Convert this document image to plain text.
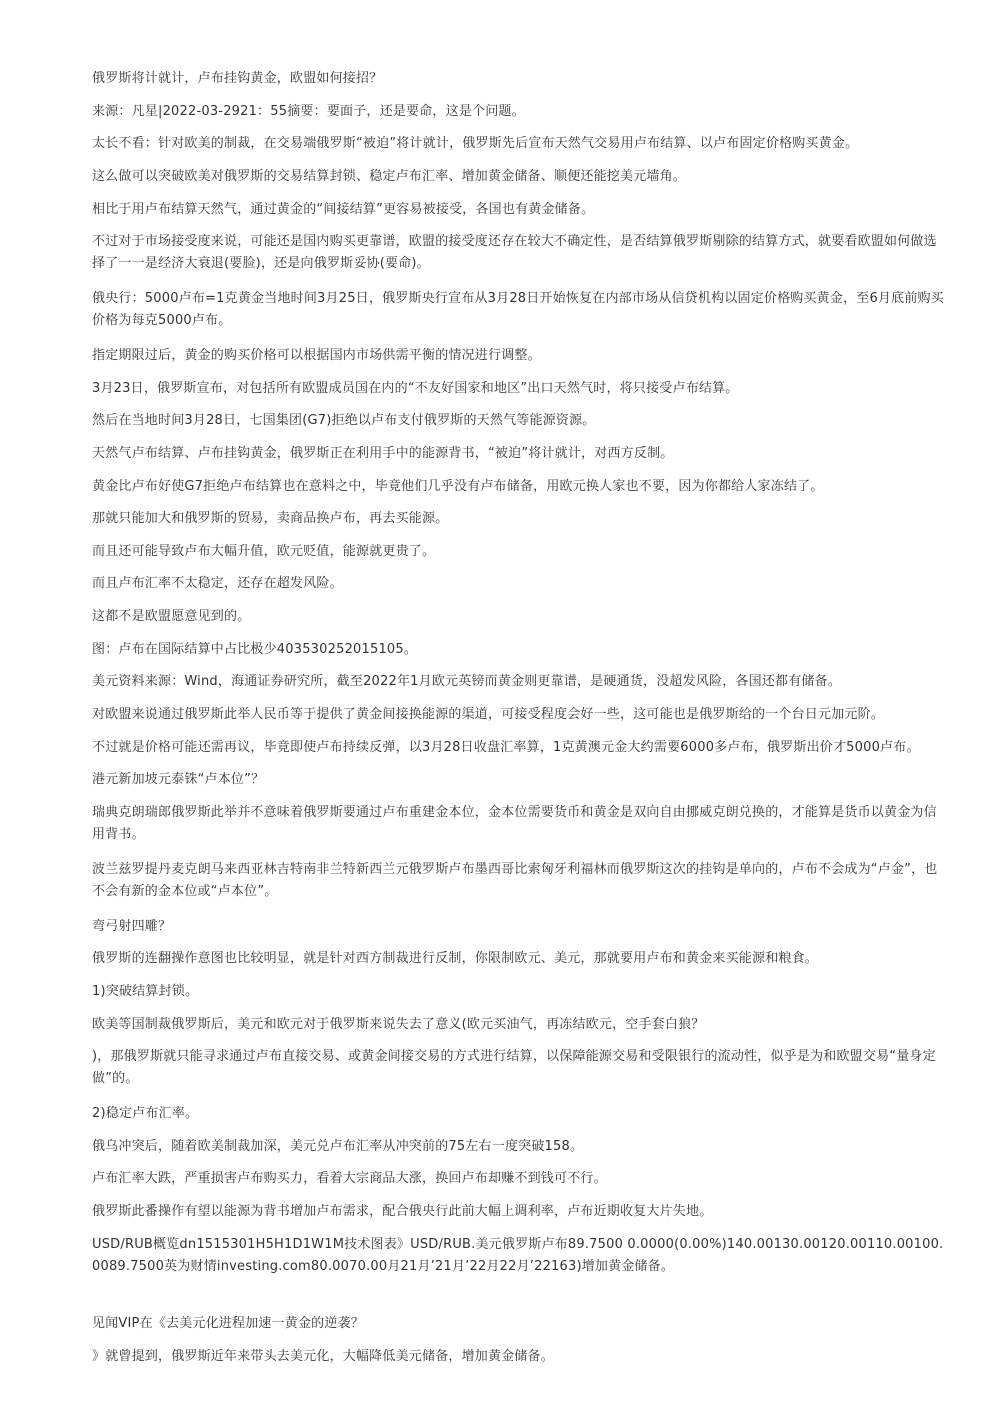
俄罗斯将计就计，卢布挂钩黄金，欧盟如何接招？

来源：凡星|2022-03-2921：55摘要：要面子，还是要命，这是个问题。

太长不看：针对欧美的制裁，在交易端俄罗斯“被迫”将计就计，俄罗斯先后宣布天然气交易用卢布结算、以卢布固定价格购买黄金。

这么做可以突破欧美对俄罗斯的交易结算封锁、稳定卢布汇率、增加黄金储备、顺便还能挖美元墙角。

相比于用卢布结算天然气，通过黄金的“间接结算”更容易被接受，各国也有黄金储备。

不过对于市场接受度来说，可能还是国内购买更靠谱，欧盟的接受度还存在较大不确定性，是否结算俄罗斯剔除的结算方式，就要看欧盟如何做选择了一一是经济大衰退(要脸)，还是向俄罗斯妥协(要命)。

俄央行：5000卢布=1克黄金当地时间3月25日，俄罗斯央行宣布从3月28日开始恢复在内部市场从信贷机构以固定价格购买黄金，至6月底前购买价格为每克5000卢布。

指定期限过后，黄金的购买价格可以根据国内市场供需平衡的情况进行调整。

3月23日，俄罗斯宣布，对包括所有欧盟成员国在内的“不友好国家和地区”出口天然气时，将只接受卢布结算。

然后在当地时间3月28日，七国集团(G7)拒绝以卢布支付俄罗斯的天然气等能源资源。

天然气卢布结算、卢布挂钩黄金，俄罗斯正在利用手中的能源背书，“被迫”将计就计，对西方反制。

黄金比卢布好使G7拒绝卢布结算也在意料之中，毕竟他们几乎没有卢布储备，用欧元换人家也不要，因为你都给人家冻结了。

那就只能加大和俄罗斯的贸易，卖商品换卢布，再去买能源。

而且还可能导致卢布大幅升值，欧元贬值，能源就更贵了。

而且卢布汇率不太稳定，还存在超发风险。

这都不是欧盟愿意见到的。

图：卢布在国际结算中占比极少403530252015105。

美元资料来源：Wind，海通证券研究所，截至2022年1月欧元英镑而黄金则更靠谱，是硬通货，没超发风险，各国还都有储备。

对欧盟来说通过俄罗斯此举人民币等于提供了黄金间接换能源的渠道，可接受程度会好一些，这可能也是俄罗斯给的一个台日元加元阶。

不过就是价格可能还需再议，毕竟即使卢布持续反弹，以3月28日收盘汇率算，1克黄澳元金大约需要6000多卢布，俄罗斯出价才5000卢布。

港元新加坡元泰铢“卢本位”？

瑞典克朗瑞郎俄罗斯此举并不意味着俄罗斯要通过卢布重建金本位，金本位需要货币和黄金是双向自由挪威克朗兑换的，才能算是货币以黄金为信用背书。

波兰兹罗提丹麦克朗马来西亚林吉特南非兰特新西兰元俄罗斯卢布墨西哥比索匈牙利福林而俄罗斯这次的挂钩是单向的，卢布不会成为“卢金”，也不会有新的金本位或“卢本位”。

弯弓射四雕？

俄罗斯的连翻操作意图也比较明显，就是针对西方制裁进行反制，你限制欧元、美元，那就要用卢布和黄金来买能源和粮食。

1)突破结算封锁。

欧美等国制裁俄罗斯后，美元和欧元对于俄罗斯来说失去了意义(欧元买油气，再冻结欧元，空手套白狼？

)，那俄罗斯就只能寻求通过卢布直接交易、或黄金间接交易的方式进行结算，以保障能源交易和受限银行的流动性，似乎是为和欧盟交易“量身定做”的。

2)稳定卢布汇率。

俄乌冲突后，随着欧美制裁加深，美元兑卢布汇率从冲突前的75左右一度突破158。

卢布汇率大跌，严重损害卢布购买力，看着大宗商品大涨，换回卢布却赚不到钱可不行。

俄罗斯此番操作有望以能源为背书增加卢布需求，配合俄央行此前大幅上调利率，卢布近期收复大片失地。

USD/RUB概览dn1515301H5H1D1W1M技术图表》USD/RUB.美元俄罗斯卢布89.7500 0.0000(0.00%)140.00130.00120.00110.00100.0089.7500英为财情investing.com80.0070.00月21月’21月’22月22月’22163)增加黄金储备。

见闻VIP在《去美元化进程加速一黄金的逆袭？

》就曾提到，俄罗斯近年来带头去美元化，大幅降低美元储备，增加黄金储备。
